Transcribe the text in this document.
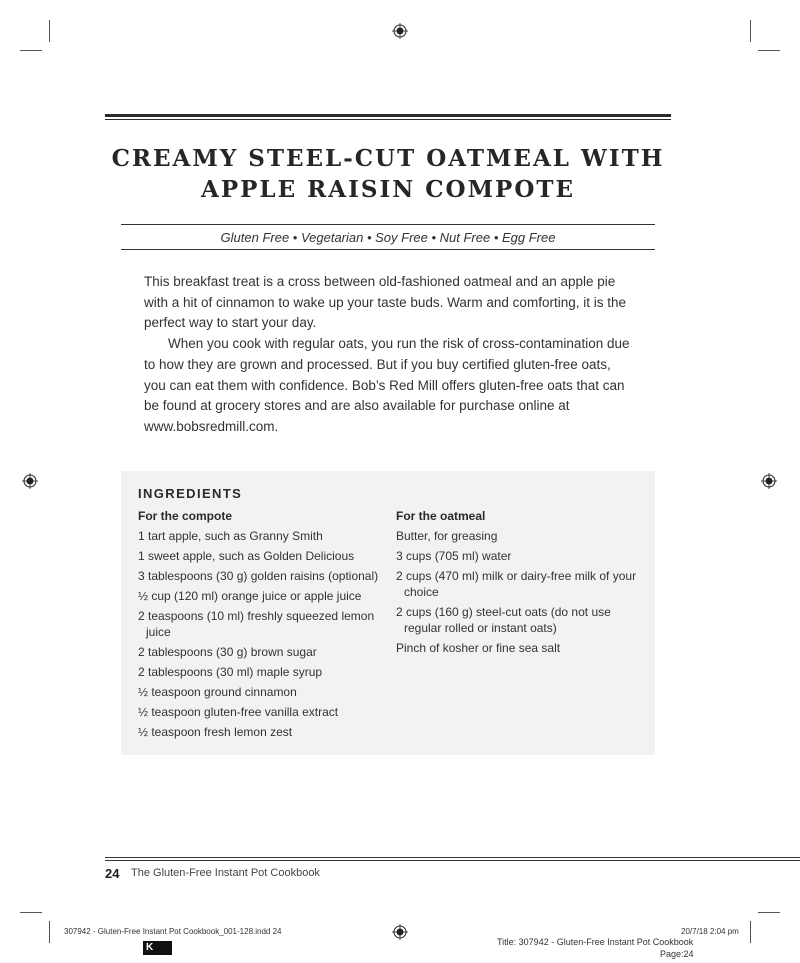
CREAMY STEEL-CUT OATMEAL WITH
APPLE RAISIN COMPOTE
Gluten Free • Vegetarian • Soy Free • Nut Free • Egg Free

This breakfast treat is a cross between old-fashioned oatmeal and an apple pie with a hit of cinnamon to wake up your taste buds. Warm and comforting, it is the perfect way to start your day.

When you cook with regular oats, you run the risk of cross-contamination due to how they are grown and processed. But if you buy certified gluten-free oats, you can eat them with confidence. Bob’s Red Mill offers gluten-free oats that can be found at grocery stores and are also available for purchase online at www.bobsredmill.com.

INGREDIENTS
For the compote
1 tart apple, such as Granny Smith
1 sweet apple, such as Golden Delicious
3 tablespoons (30 g) golden raisins (optional)
½ cup (120 ml) orange juice or apple juice
2 teaspoons (10 ml) freshly squeezed lemon juice
2 tablespoons (30 g) brown sugar
2 tablespoons (30 ml) maple syrup
½ teaspoon ground cinnamon
½ teaspoon gluten-free vanilla extract
½ teaspoon fresh lemon zest
For the oatmeal
Butter, for greasing
3 cups (705 ml) water
2 cups (470 ml) milk or dairy-free milk of your choice
2 cups (160 g) steel-cut oats (do not use regular rolled or instant oats)
Pinch of kosher or fine sea salt
24 The Gluten-Free Instant Pot Cookbook
307942 - Gluten-Free Instant Pot Cookbook_001-128.indd 24	20/7/18 2:04 pm
Title: 307942 - Gluten-Free Instant Pot Cookbook
Page:24
K
